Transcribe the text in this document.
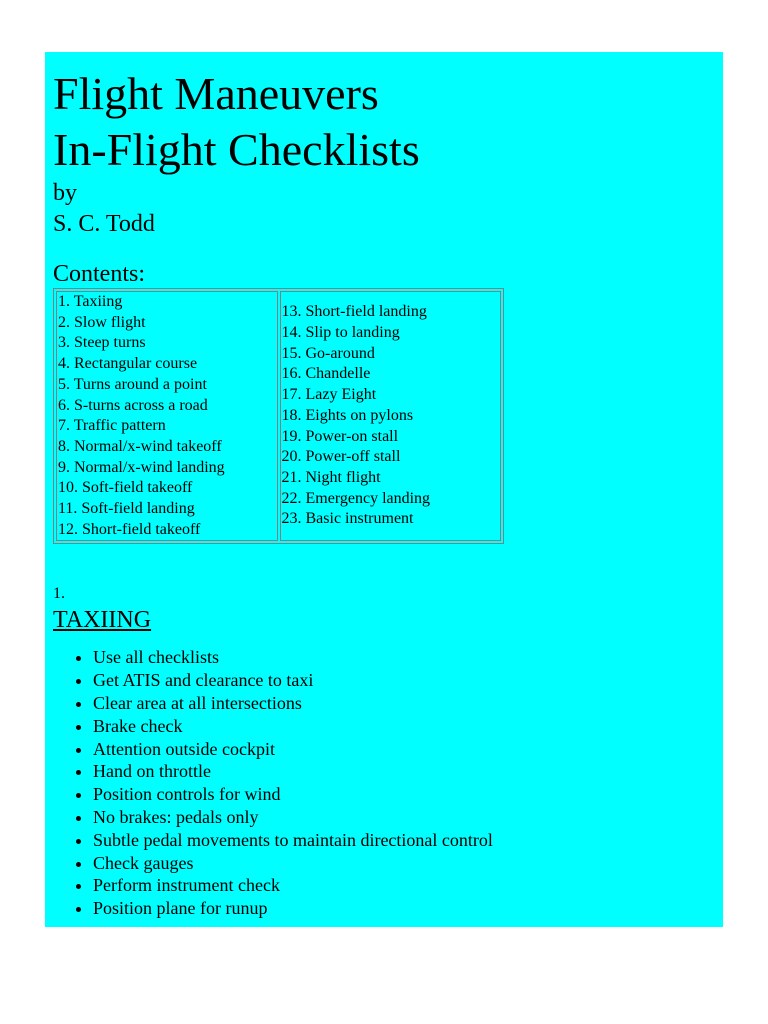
Flight Maneuvers
In-Flight Checklists
by
S. C. Todd
Contents:
1. Taxiing
2. Slow flight
3. Steep turns
4. Rectangular course
5. Turns around a point
6. S-turns across a road
7. Traffic pattern
8. Normal/x-wind takeoff
9. Normal/x-wind landing
10. Soft-field takeoff
11. Soft-field landing
12. Short-field takeoff

13. Short-field landing
14. Slip to landing
15. Go-around
16. Chandelle
17. Lazy Eight
18. Eights on pylons
19. Power-on stall
20. Power-off stall
21. Night flight
22. Emergency landing
23. Basic instrument
1.
TAXIING
• Use all checklists
• Get ATIS and clearance to taxi
• Clear area at all intersections
• Brake check
• Attention outside cockpit
• Hand on throttle
• Position controls for wind
• No brakes: pedals only
• Subtle pedal movements to maintain directional control
• Check gauges
• Perform instrument check
• Position plane for runup
